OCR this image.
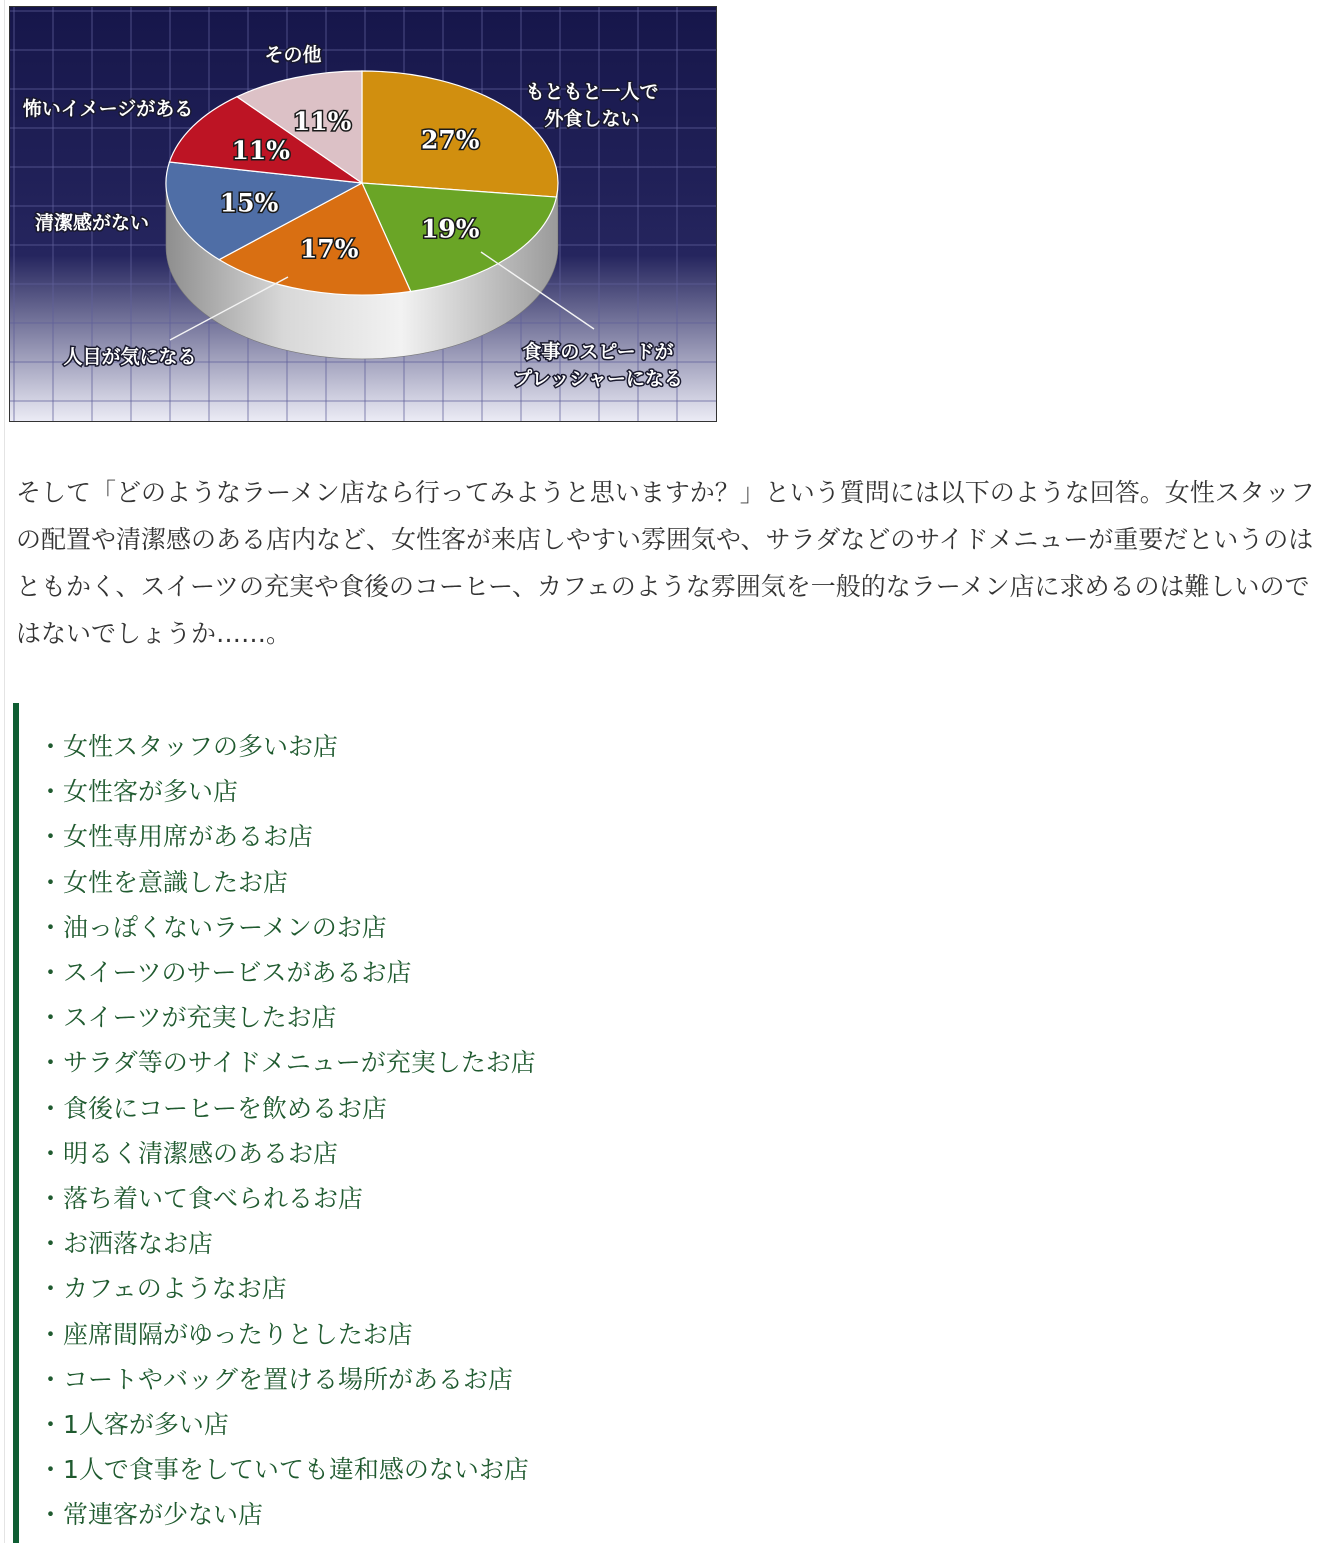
27%
19%
17%
15%
11%
11%
もともと一人で
外食しない
食事のスピードが
プレッシャーになる
人目が気になる
清潔感がない
怖いイメージがある
その他

そして「どのようなラーメン店なら行ってみようと思いますか？」という質問には以下のような回答。女性スタッフの配置や清潔感のある店内など、女性客が来店しやすい雰囲気や、サラダなどのサイドメニューが重要だというのはともかく、スイーツの充実や食後のコーヒー、カフェのような雰囲気を一般的なラーメン店に求めるのは難しいのではないでしょうか……。

・女性スタッフの多いお店
・女性客が多い店
・女性専用席があるお店
・女性を意識したお店
・油っぽくないラーメンのお店
・スイーツのサービスがあるお店
・スイーツが充実したお店
・サラダ等のサイドメニューが充実したお店
・食後にコーヒーを飲めるお店
・明るく清潔感のあるお店
・落ち着いて食べられるお店
・お洒落なお店
・カフェのようなお店
・座席間隔がゆったりとしたお店
・コートやバッグを置ける場所があるお店
・1人客が多い店
・1人で食事をしていても違和感のないお店
・常連客が少ない店
